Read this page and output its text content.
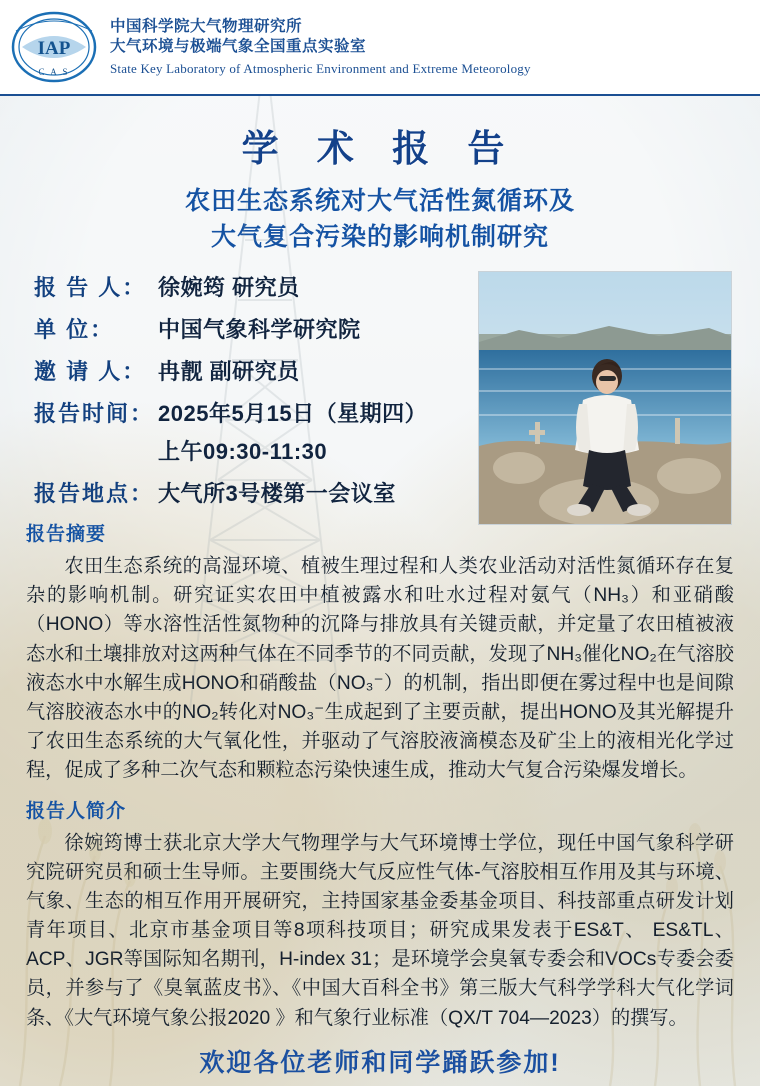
IAP
C A S
中国科学院大气物理研究所
大气环境与极端气象全国重点实验室
State Key Laboratory of Atmospheric Environment and Extreme Meteorology
学 术 报 告
农田生态系统对大气活性氮循环及
大气复合污染的影响机制研究
报 告 人： 徐婉筠 研究员
单 位：	中国气象科学研究院
邀 请 人： 冉靓 副研究员
报告时间： 2025年5月15日（星期四）
上午09:30-11:30
报告地点： 大气所3号楼第一会议室
报告摘要
农田生态系统的高湿环境、植被生理过程和人类农业活动对活性氮循环存在复杂的影响机制。研究证实农田中植被露水和吐水过程对氨气（NH₃）和亚硝酸（HONO）等水溶性活性氮物种的沉降与排放具有关键贡献，并定量了农田植被液态水和土壤排放对这两种气体在不同季节的不同贡献，发现了NH₃催化NO₂在气溶胶液态水中水解生成HONO和硝酸盐（NO₃⁻）的机制，指出即便在雾过程中也是间隙气溶胶液态水中的NO₂转化对NO₃⁻生成起到了主要贡献，提出HONO及其光解提升了农田生态系统的大气氧化性，并驱动了气溶胶液滴模态及矿尘上的液相光化学过程，促成了多种二次气态和颗粒态污染快速生成，推动大气复合污染爆发增长。
报告人简介
徐婉筠博士获北京大学大气物理学与大气环境博士学位，现任中国气象科学研究院研究员和硕士生导师。主要围绕大气反应性气体-气溶胶相互作用及其与环境、气象、生态的相互作用开展研究，主持国家基金委基金项目、科技部重点研发计划青年项目、北京市基金项目等8项科技项目；研究成果发表于ES&T、 ES&TL、ACP、JGR等国际知名期刊，H-index 31；是环境学会臭氧专委会和VOCs专委会委员，并参与了《臭氧蓝皮书》、《中国大百科全书》第三版大气科学学科大气化学词条、《大气环境气象公报2020 》和气象行业标准（QX/T 704—2023）的撰写。
欢迎各位老师和同学踊跃参加!
